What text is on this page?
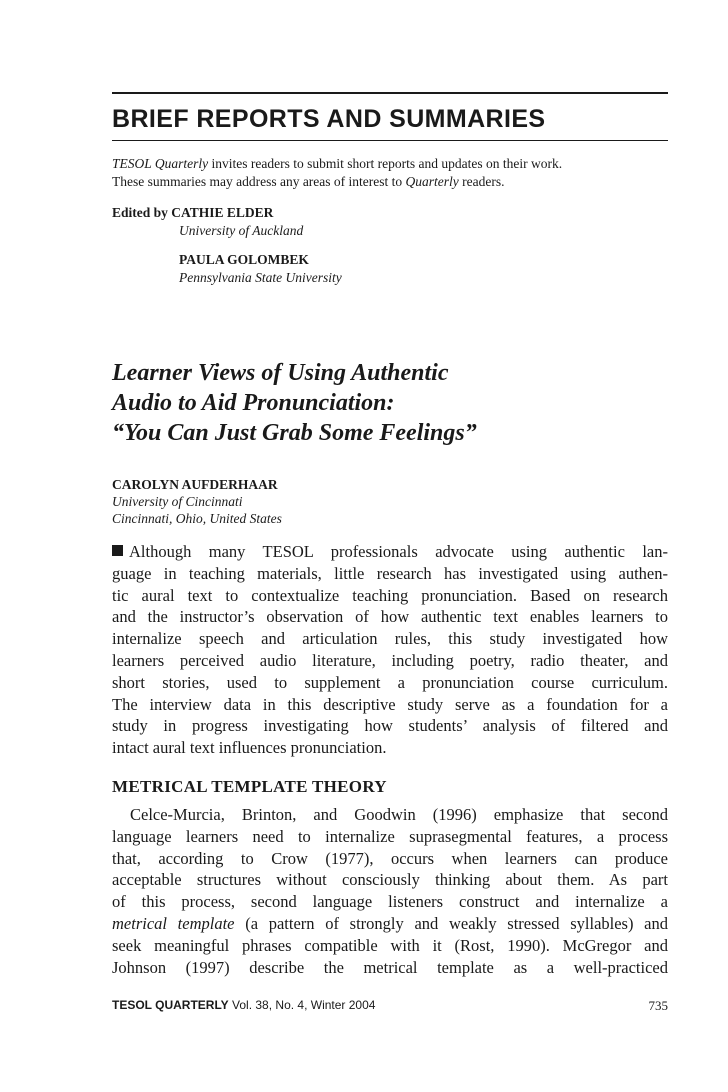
BRIEF REPORTS AND SUMMARIES

TESOL Quarterly invites readers to submit short reports and updates on their work.
These summaries may address any areas of interest to Quarterly readers.

Edited by CATHIE ELDER
University of Auckland
PAULA GOLOMBEK
Pennsylvania State University
Learner Views of Using Authentic
Audio to Aid Pronunciation:
“You Can Just Grab Some Feelings”
CAROLYN AUFDERHAAR
University of Cincinnati
Cincinnati, Ohio, United States

Although many TESOL professionals advocate using authentic lan-
guage in teaching materials, little research has investigated using authen-
tic aural text to contextualize teaching pronunciation. Based on research
and the instructor’s observation of how authentic text enables learners to
internalize speech and articulation rules, this study investigated how
learners perceived audio literature, including poetry, radio theater, and
short stories, used to supplement a pronunciation course curriculum.
The interview data in this descriptive study serve as a foundation for a
study in progress investigating how students’ analysis of filtered and
intact aural text influences pronunciation.

METRICAL TEMPLATE THEORY

Celce-Murcia, Brinton, and Goodwin (1996) emphasize that second
language learners need to internalize suprasegmental features, a process
that, according to Crow (1977), occurs when learners can produce
acceptable structures without consciously thinking about them. As part
of this process, second language listeners construct and internalize a
metrical template (a pattern of strongly and weakly stressed syllables) and
seek meaningful phrases compatible with it (Rost, 1990). McGregor and
Johnson (1997) describe the metrical template as a well-practiced

TESOL QUARTERLY Vol. 38, No. 4, Winter 2004	735
